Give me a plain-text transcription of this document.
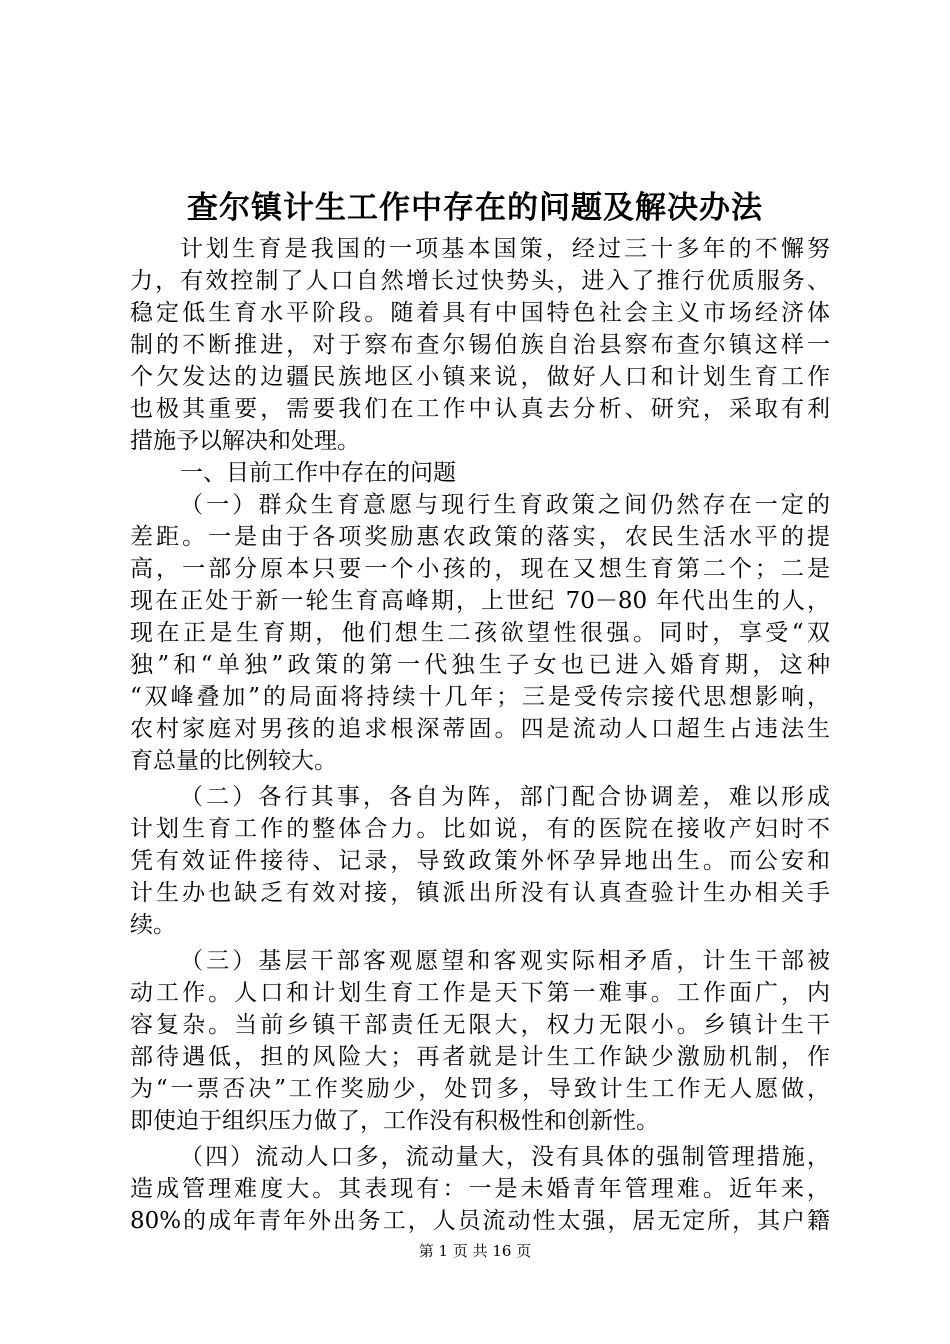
查尔镇计生工作中存在的问题及解决办法
计划生育是我国的一项基本国策，经过三十多年的不懈努
力，有效控制了人口自然增长过快势头，进入了推行优质服务、
稳定低生育水平阶段。随着具有中国特色社会主义市场经济体
制的不断推进，对于察布查尔锡伯族自治县察布查尔镇这样一
个欠发达的边疆民族地区小镇来说，做好人口和计划生育工作
也极其重要，需要我们在工作中认真去分析、研究，采取有利
措施予以解决和处理。
一、目前工作中存在的问题
（一）群众生育意愿与现行生育政策之间仍然存在一定的
差距。一是由于各项奖励惠农政策的落实，农民生活水平的提
高，一部分原本只要一个小孩的，现在又想生育第二个；二是
现在正处于新一轮生育高峰期，上世纪 70－80 年代出生的人，
现在正是生育期，他们想生二孩欲望性很强。同时，享受“双
独”和“单独”政策的第一代独生子女也已进入婚育期，这种
“双峰叠加”的局面将持续十几年；三是受传宗接代思想影响，
农村家庭对男孩的追求根深蒂固。四是流动人口超生占违法生
育总量的比例较大。
（二）各行其事，各自为阵，部门配合协调差，难以形成
计划生育工作的整体合力。比如说，有的医院在接收产妇时不
凭有效证件接待、记录，导致政策外怀孕异地出生。而公安和
计生办也缺乏有效对接，镇派出所没有认真查验计生办相关手
续。
（三）基层干部客观愿望和客观实际相矛盾，计生干部被
动工作。人口和计划生育工作是天下第一难事。工作面广，内
容复杂。当前乡镇干部责任无限大，权力无限小。乡镇计生干
部待遇低，担的风险大；再者就是计生工作缺少激励机制，作
为“一票否决”工作奖励少，处罚多，导致计生工作无人愿做，
即使迫于组织压力做了，工作没有积极性和创新性。
（四）流动人口多，流动量大，没有具体的强制管理措施，
造成管理难度大。其表现有：一是未婚青年管理难。近年来，
80%的成年青年外出务工，人员流动性太强，居无定所，其户籍
第 1 页 共 16 页
